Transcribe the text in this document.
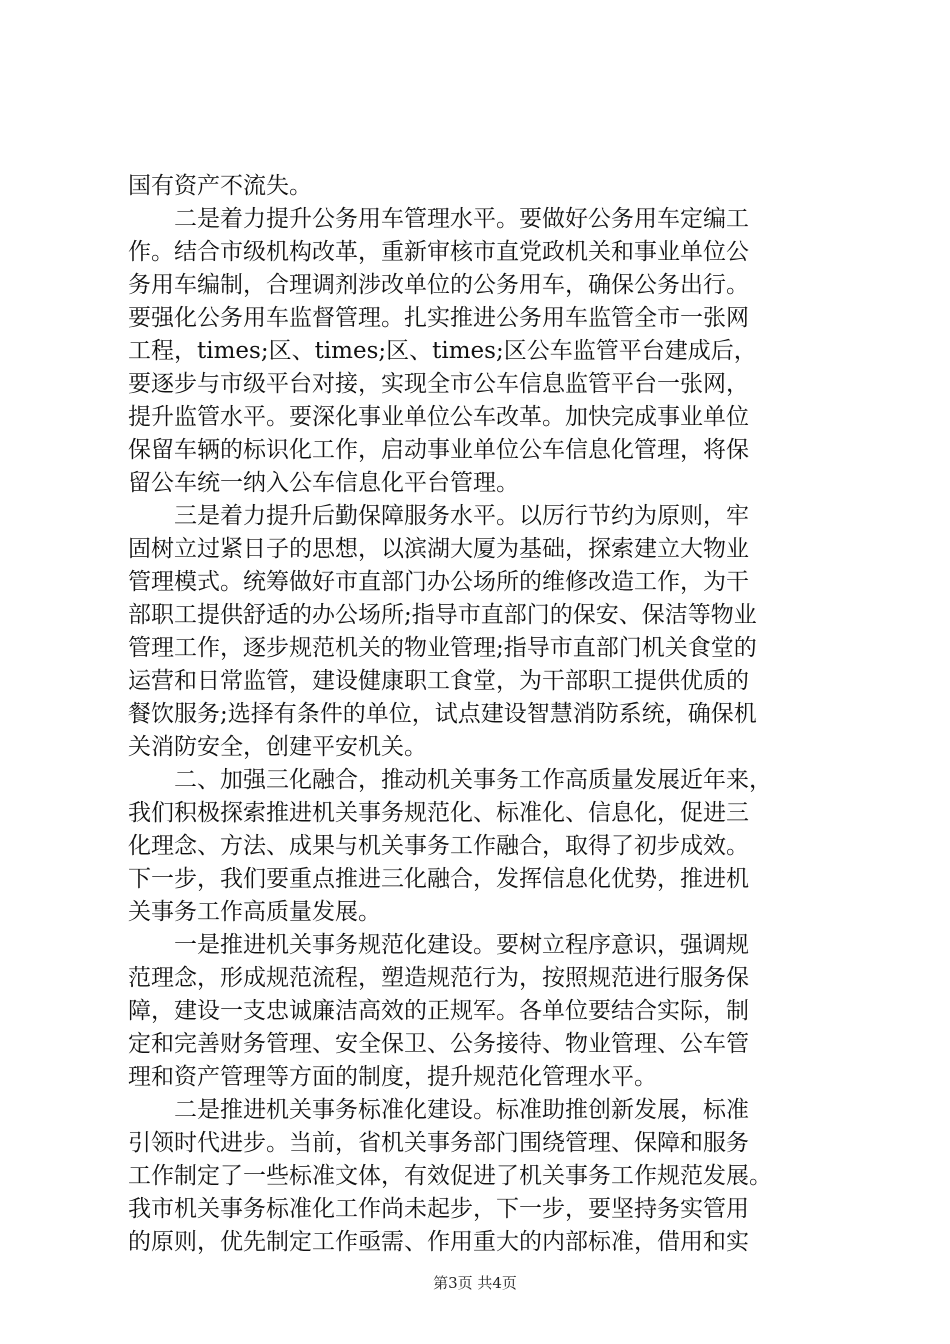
国有资产不流失。
　　二是着力提升公务用车管理水平。要做好公务用车定编工
作。结合市级机构改革，重新审核市直党政机关和事业单位公
务用车编制，合理调剂涉改单位的公务用车，确保公务出行。
要强化公务用车监督管理。扎实推进公务用车监管全市一张网
工程，times;区、times;区、times;区公车监管平台建成后，
要逐步与市级平台对接，实现全市公车信息监管平台一张网，
提升监管水平。要深化事业单位公车改革。加快完成事业单位
保留车辆的标识化工作，启动事业单位公车信息化管理，将保
留公车统一纳入公车信息化平台管理。
　　三是着力提升后勤保障服务水平。以厉行节约为原则，牢
固树立过紧日子的思想，以滨湖大厦为基础，探索建立大物业
管理模式。统筹做好市直部门办公场所的维修改造工作，为干
部职工提供舒适的办公场所;指导市直部门的保安、保洁等物业
管理工作，逐步规范机关的物业管理;指导市直部门机关食堂的
运营和日常监管，建设健康职工食堂，为干部职工提供优质的
餐饮服务;选择有条件的单位，试点建设智慧消防系统，确保机
关消防安全，创建平安机关。
　　二、加强三化融合，推动机关事务工作高质量发展近年来，
我们积极探索推进机关事务规范化、标准化、信息化，促进三
化理念、方法、成果与机关事务工作融合，取得了初步成效。
下一步，我们要重点推进三化融合，发挥信息化优势，推进机
关事务工作高质量发展。
　　一是推进机关事务规范化建设。要树立程序意识，强调规
范理念，形成规范流程，塑造规范行为，按照规范进行服务保
障，建设一支忠诚廉洁高效的正规军。各单位要结合实际，制
定和完善财务管理、安全保卫、公务接待、物业管理、公车管
理和资产管理等方面的制度，提升规范化管理水平。
　　二是推进机关事务标准化建设。标准助推创新发展，标准
引领时代进步。当前，省机关事务部门围绕管理、保障和服务
工作制定了一些标准文体，有效促进了机关事务工作规范发展。
我市机关事务标准化工作尚未起步，下一步，要坚持务实管用
的原则，优先制定工作亟需、作用重大的内部标准，借用和实
第3页 共4页
